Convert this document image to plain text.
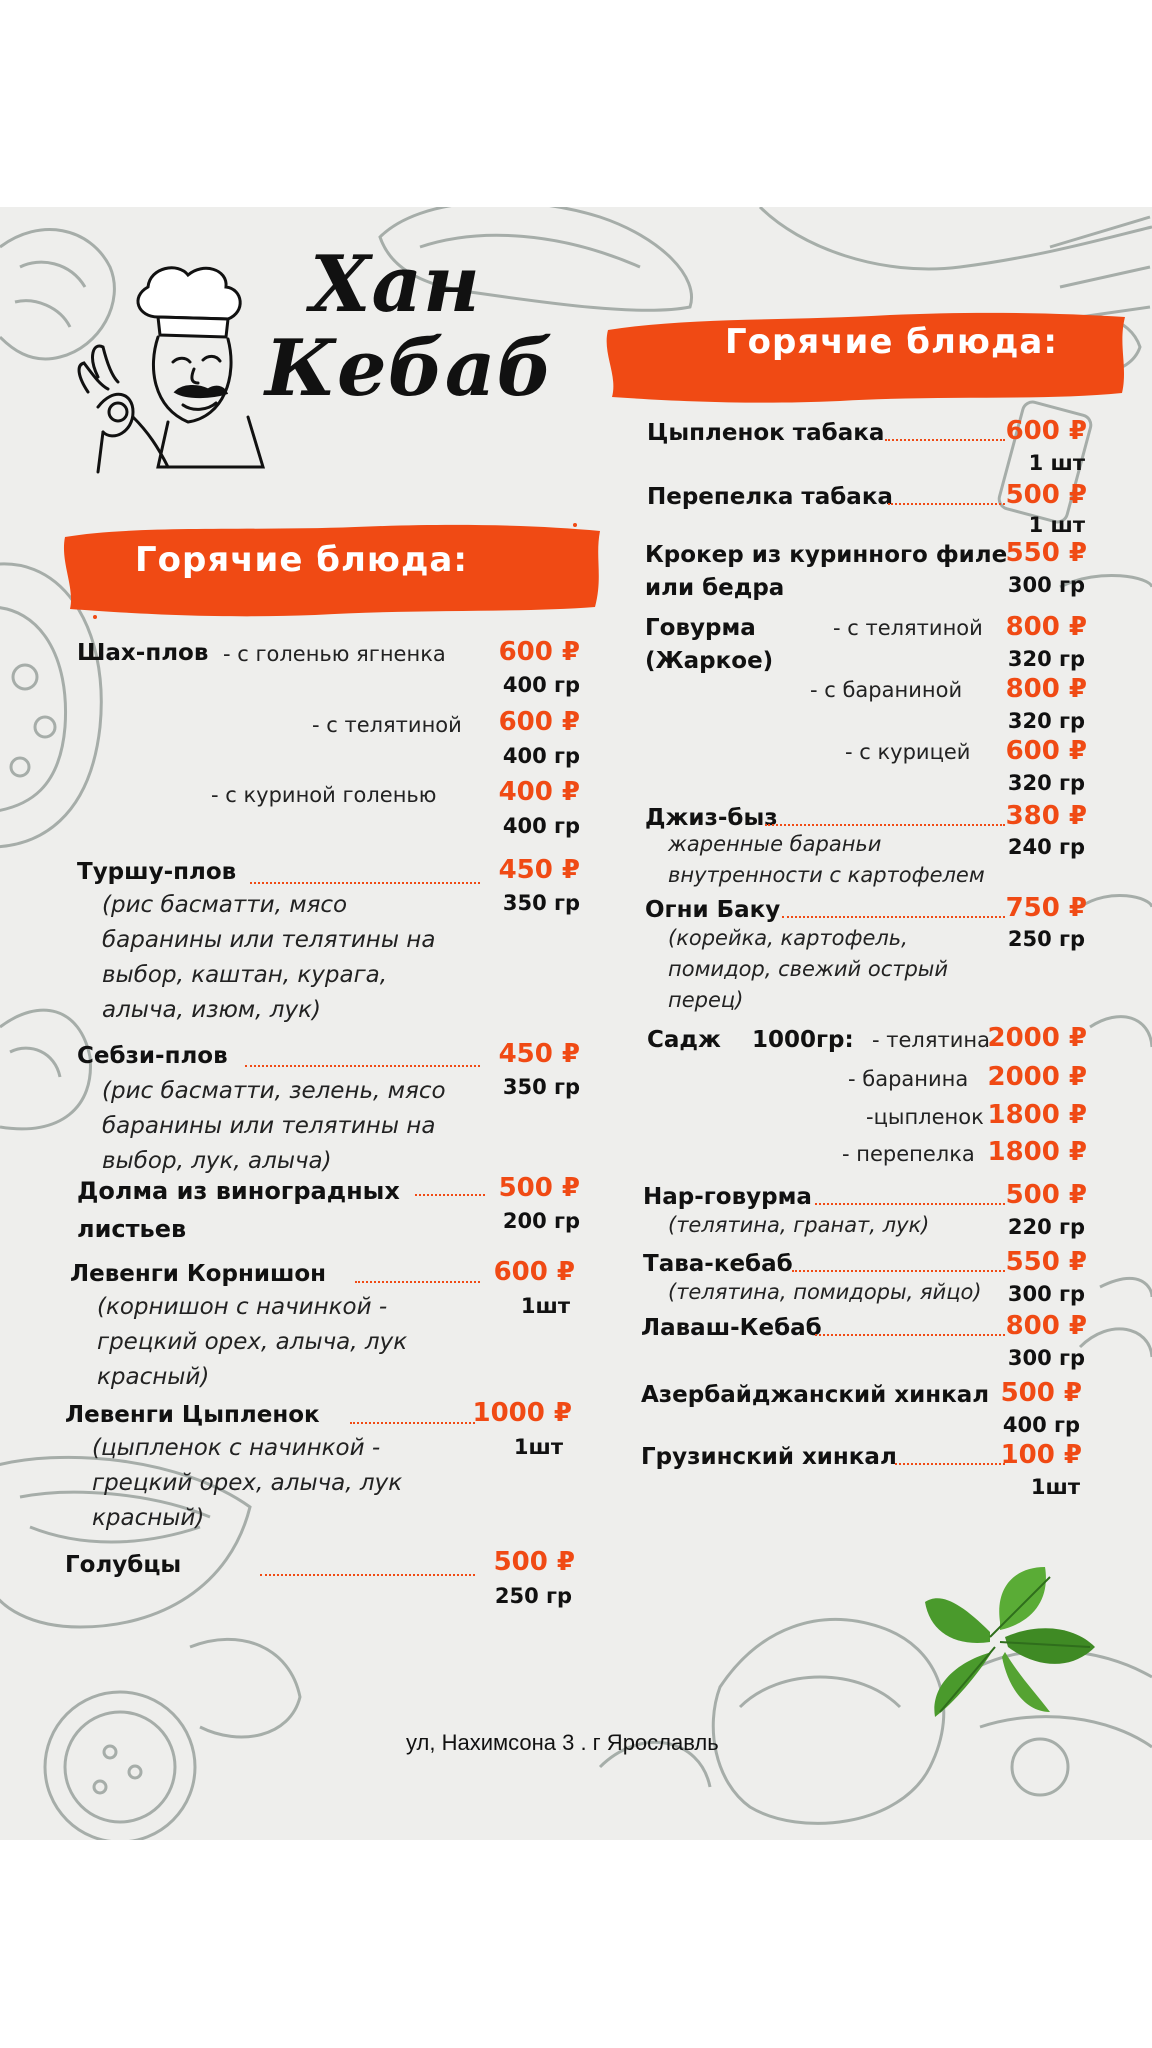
Хан
Кебаб
Горячие блюда:
Горячие блюда:
Шах-плов - с голенью ягненка	600 ₽
400 гр
- с телятиной	600 ₽
400 гр
- с куриной голенью	400 ₽
400 гр
Туршу-плов	450 ₽
350 гр
(рис басматти, мясо
баранины или телятины на
выбор, каштан, курага,
алыча, изюм, лук)
Себзи-плов	450 ₽
350 гр
(рис басматти, зелень, мясо
баранины или телятины на
выбор, лук, алыча)
Долма из виноградных
листьев
500 ₽
200 гр
Левенги Корнишон	600 ₽
1шт
(корнишон с начинкой -
грецкий орех, алыча, лук
красный)
Левенги Цыпленок	1000 ₽
1шт
(цыпленок с начинкой -
грецкий орех, алыча, лук
красный)
Голубцы	500 ₽
250 гр
Цыпленок табака	600 ₽
1 шт
Перепелка табака	500 ₽
1 шт
Крокер из куринного филе
или бедра
550 ₽
300 гр
Говурма
(Жаркое)
- с телятиной 800 ₽
320 гр
- с бараниной	800 ₽
320 гр
- с курицей	600 ₽
320 гр
Джиз-быз	380 ₽
240 гр
жаренные бараньи
внутренности с картофелем
Огни Баку	750 ₽
250 гр
(корейка, картофель,
помидор, свежий острый
перец)
Садж 1000гр: - телятина
2000 ₽
- баранина 2000 ₽
-цыпленок 1800 ₽
- перепелка 1800 ₽
Нар-говурма	500 ₽
220 гр
(телятина, гранат, лук)
Тава-кебаб	550 ₽
300 гр
(телятина, помидоры, яйцо)
Лаваш-Кебаб	800 ₽
300 гр
Азербайджанский хинкал 500 ₽
400 гр
Грузинский хинкал	100 ₽
1шт
ул, Нахимсона 3 . г Ярославль
